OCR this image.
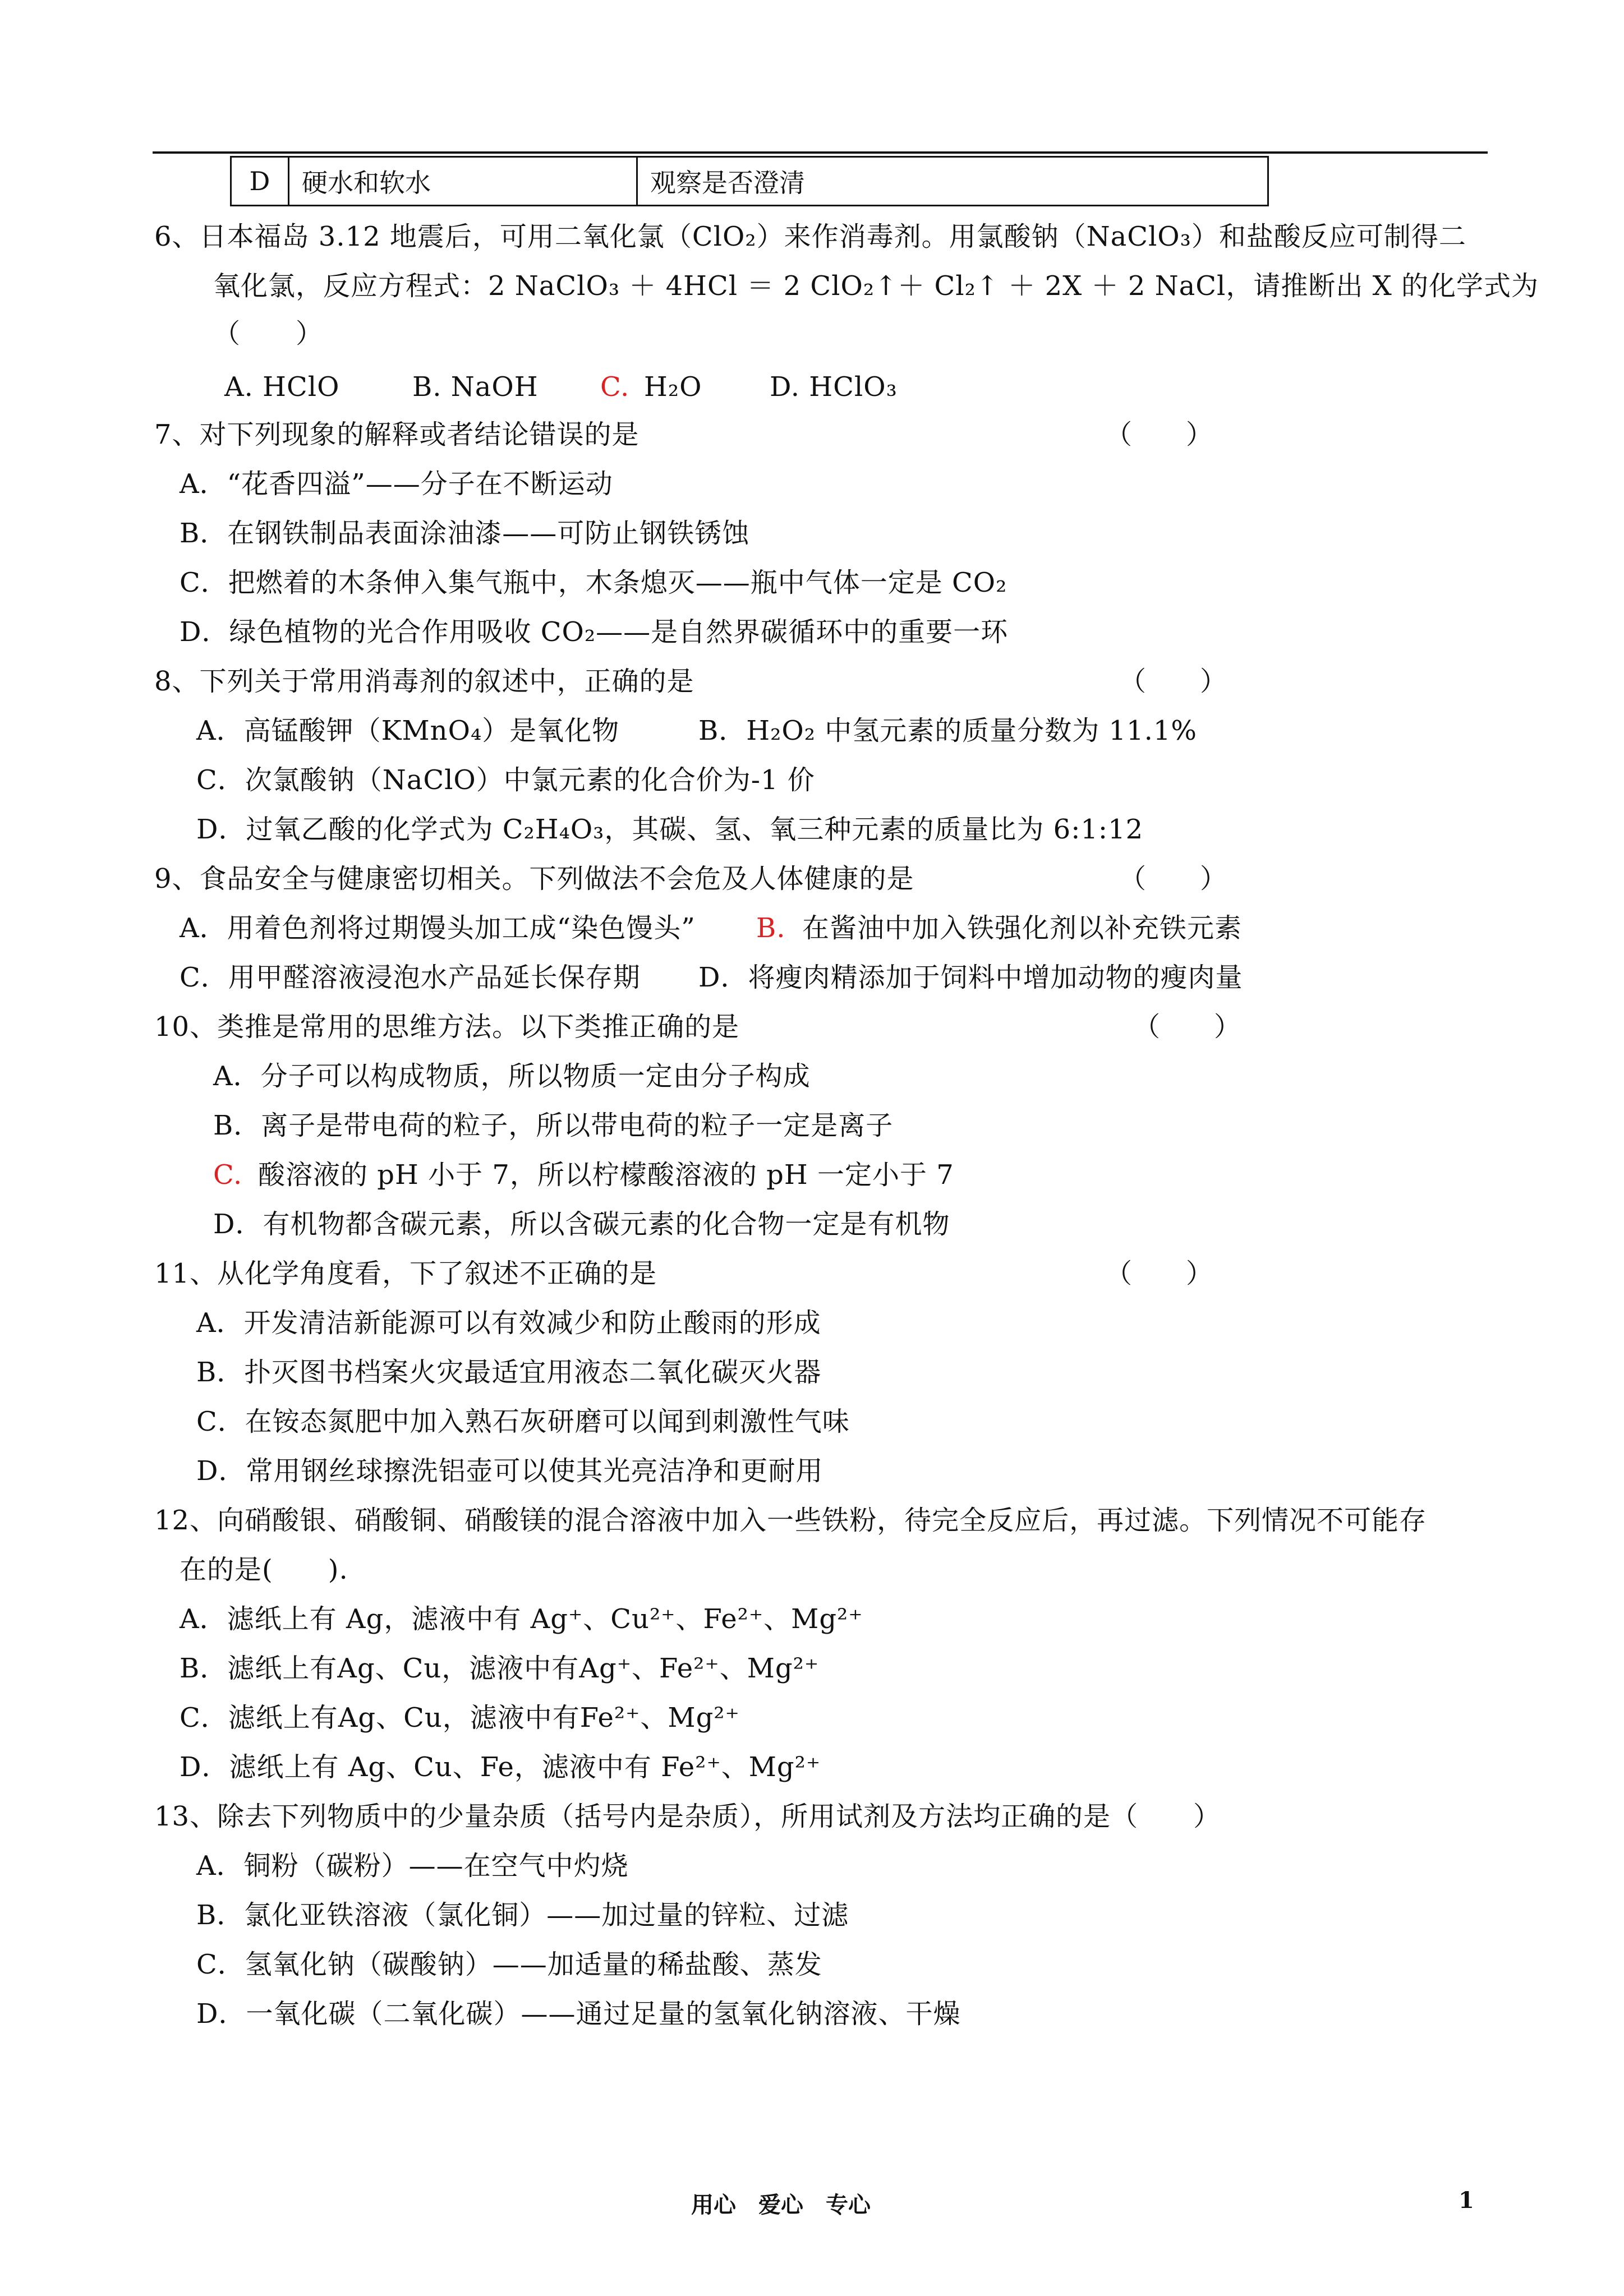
D	硬水和软水	观察是否澄清
6、日本福岛 3.12 地震后，可用二氧化氯（ClO₂）来作消毒剂。用氯酸钠（NaClO₃）和盐酸反应可制得二
氧化氯，反应方程式：2 NaClO₃ ＋ 4HCl ＝ 2 ClO₂↑＋ Cl₂↑ ＋ 2X ＋ 2 NaCl，请推断出 X 的化学式为
（　　）
A. HClO	B. NaOH C. H₂O	D. HClO₃
7、对下列现象的解释或者结论错误的是	（　　）
A．“花香四溢”——分子在不断运动
B．在钢铁制品表面涂油漆——可防止钢铁锈蚀
C．把燃着的木条伸入集气瓶中，木条熄灭——瓶中气体一定是 CO₂
D．绿色植物的光合作用吸收 CO₂——是自然界碳循环中的重要一环
8、下列关于常用消毒剂的叙述中，正确的是	（　　）
A．高锰酸钾（KMnO₄）是氧化物	B．H₂O₂ 中氢元素的质量分数为 11.1%
C．次氯酸钠（NaClO）中氯元素的化合价为-1 价
D．过氧乙酸的化学式为 C₂H₄O₃，其碳、氢、氧三种元素的质量比为 6:1:12
9、食品安全与健康密切相关。下列做法不会危及人体健康的是	（　　）
A．用着色剂将过期馒头加工成“染色馒头” B. 在酱油中加入铁强化剂以补充铁元素
C．用甲醛溶液浸泡水产品延长保存期 D．将瘦肉精添加于饲料中增加动物的瘦肉量
10、类推是常用的思维方法。以下类推正确的是	（　　）
A．分子可以构成物质，所以物质一定由分子构成
B．离子是带电荷的粒子，所以带电荷的粒子一定是离子
C. 酸溶液的 pH 小于 7，所以柠檬酸溶液的 pH 一定小于 7
D．有机物都含碳元素，所以含碳元素的化合物一定是有机物
11、从化学角度看，下了叙述不正确的是	（　　）
A．开发清洁新能源可以有效减少和防止酸雨的形成
B．扑灭图书档案火灾最适宜用液态二氧化碳灭火器
C．在铵态氮肥中加入熟石灰研磨可以闻到刺激性气味
D．常用钢丝球擦洗铝壶可以使其光亮洁净和更耐用
12、向硝酸银、硝酸铜、硝酸镁的混合溶液中加入一些铁粉，待完全反应后，再过滤。下列情况不可能存
在的是(　　).
A．滤纸上有 Ag，滤液中有 Ag⁺、Cu²⁺、Fe²⁺、Mg²⁺
B．滤纸上有Ag、Cu，滤液中有Ag⁺、Fe²⁺、Mg²⁺
C．滤纸上有Ag、Cu，滤液中有Fe²⁺、Mg²⁺
D．滤纸上有 Ag、Cu、Fe，滤液中有 Fe²⁺、Mg²⁺
13、除去下列物质中的少量杂质（括号内是杂质），所用试剂及方法均正确的是（　　）
A．铜粉（碳粉）——在空气中灼烧
B．氯化亚铁溶液（氯化铜）——加过量的锌粒、过滤
C．氢氧化钠（碳酸钠）——加适量的稀盐酸、蒸发
D．一氧化碳（二氧化碳）——通过足量的氢氧化钠溶液、干燥
用心　爱心　专心	1
